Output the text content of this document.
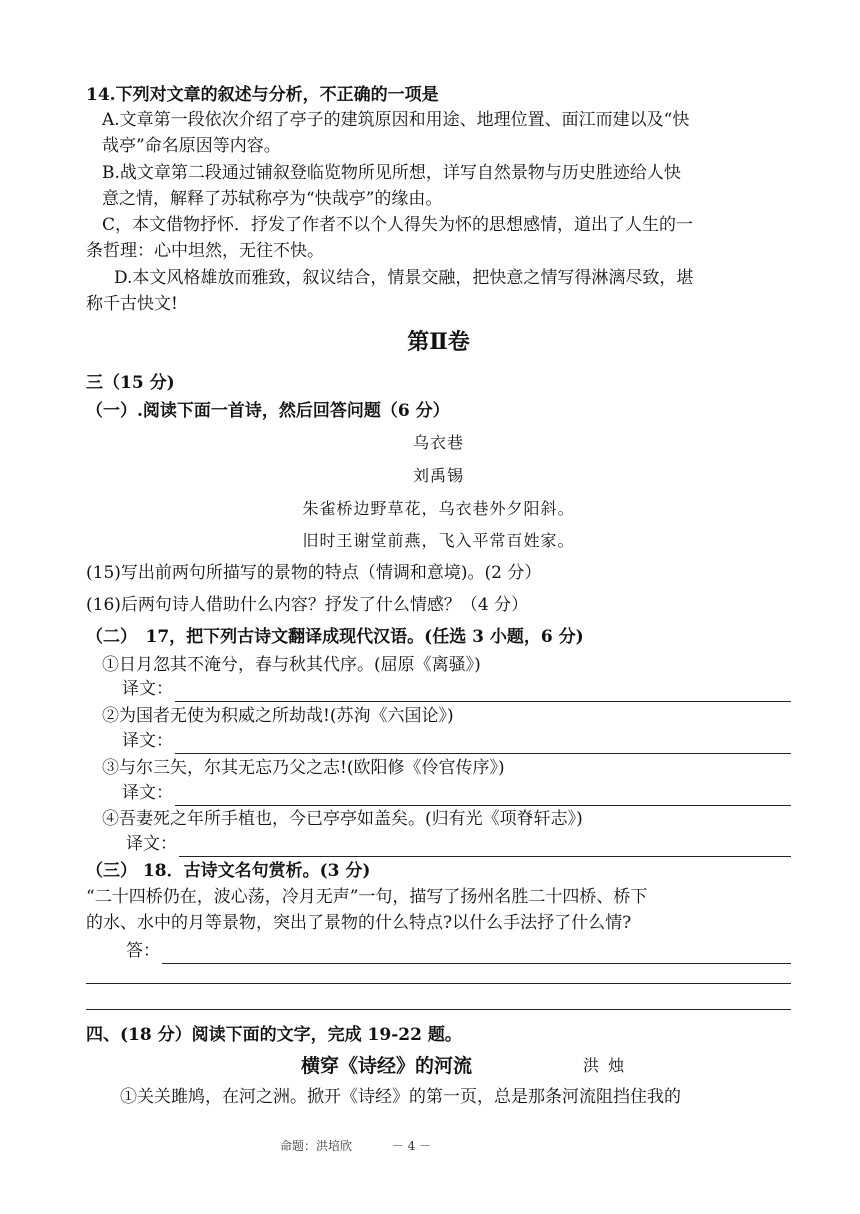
14.下列对文章的叙述与分析，不正确的一项是
A.文章第一段依次介绍了亭子的建筑原因和用途、地理位置、面江而建以及“快
哉亭”命名原因等内容。
B.战文章第二段通过铺叙登临览物所见所想，详写自然景物与历史胜迹给人快
意之情，解释了苏轼称亭为“快哉亭”的缘由。
C，本文借物抒怀．抒发了作者不以个人得失为怀的思想感情，道出了人生的一
条哲理：心中坦然，无往不快。
D.本文风格雄放而雅致，叙议结合，情景交融，把快意之情写得淋漓尽致，堪
称千古快文!
第Ⅱ卷
三（15 分)
（一）.阅读下面一首诗，然后回答问题（6 分）
乌衣巷
刘禹锡
朱雀桥边野草花，乌衣巷外夕阳斜。
旧时王谢堂前燕，飞入平常百姓家。
(15)写出前两句所描写的景物的特点（情调和意境)。(2 分）
(16)后两句诗人借助什么内容？抒发了什么情感？（4 分）
（二）　17，把下列古诗文翻译成现代汉语。(任选 3 小题，6 分)
①日月忽其不淹兮，春与秋其代序。(屈原《离骚》)
译文：
②为国者无使为积威之所劫哉!(苏洵《六国论》)
译文：
③与尔三矢，尔其无忘乃父之志!(欧阳修《伶官传序》)
译文：
④吾妻死之年所手植也，今已亭亭如盖矣。(归有光《项脊轩志》)
译文：
（三） 18．古诗文名句赏析。(3 分)
“二十四桥仍在，波心荡，冷月无声”一句，描写了扬州名胜二十四桥、桥下
的水、水中的月等景物，突出了景物的什么特点?以什么手法抒了什么情?
答：
四、(18 分）阅读下面的文字，完成 19-22 题。
横穿《诗经》的河流	洪 烛
①关关雎鸠，在河之洲。掀开《诗经》的第一页，总是那条河流阻挡住我的
命题：洪培欣	－ 4 －
